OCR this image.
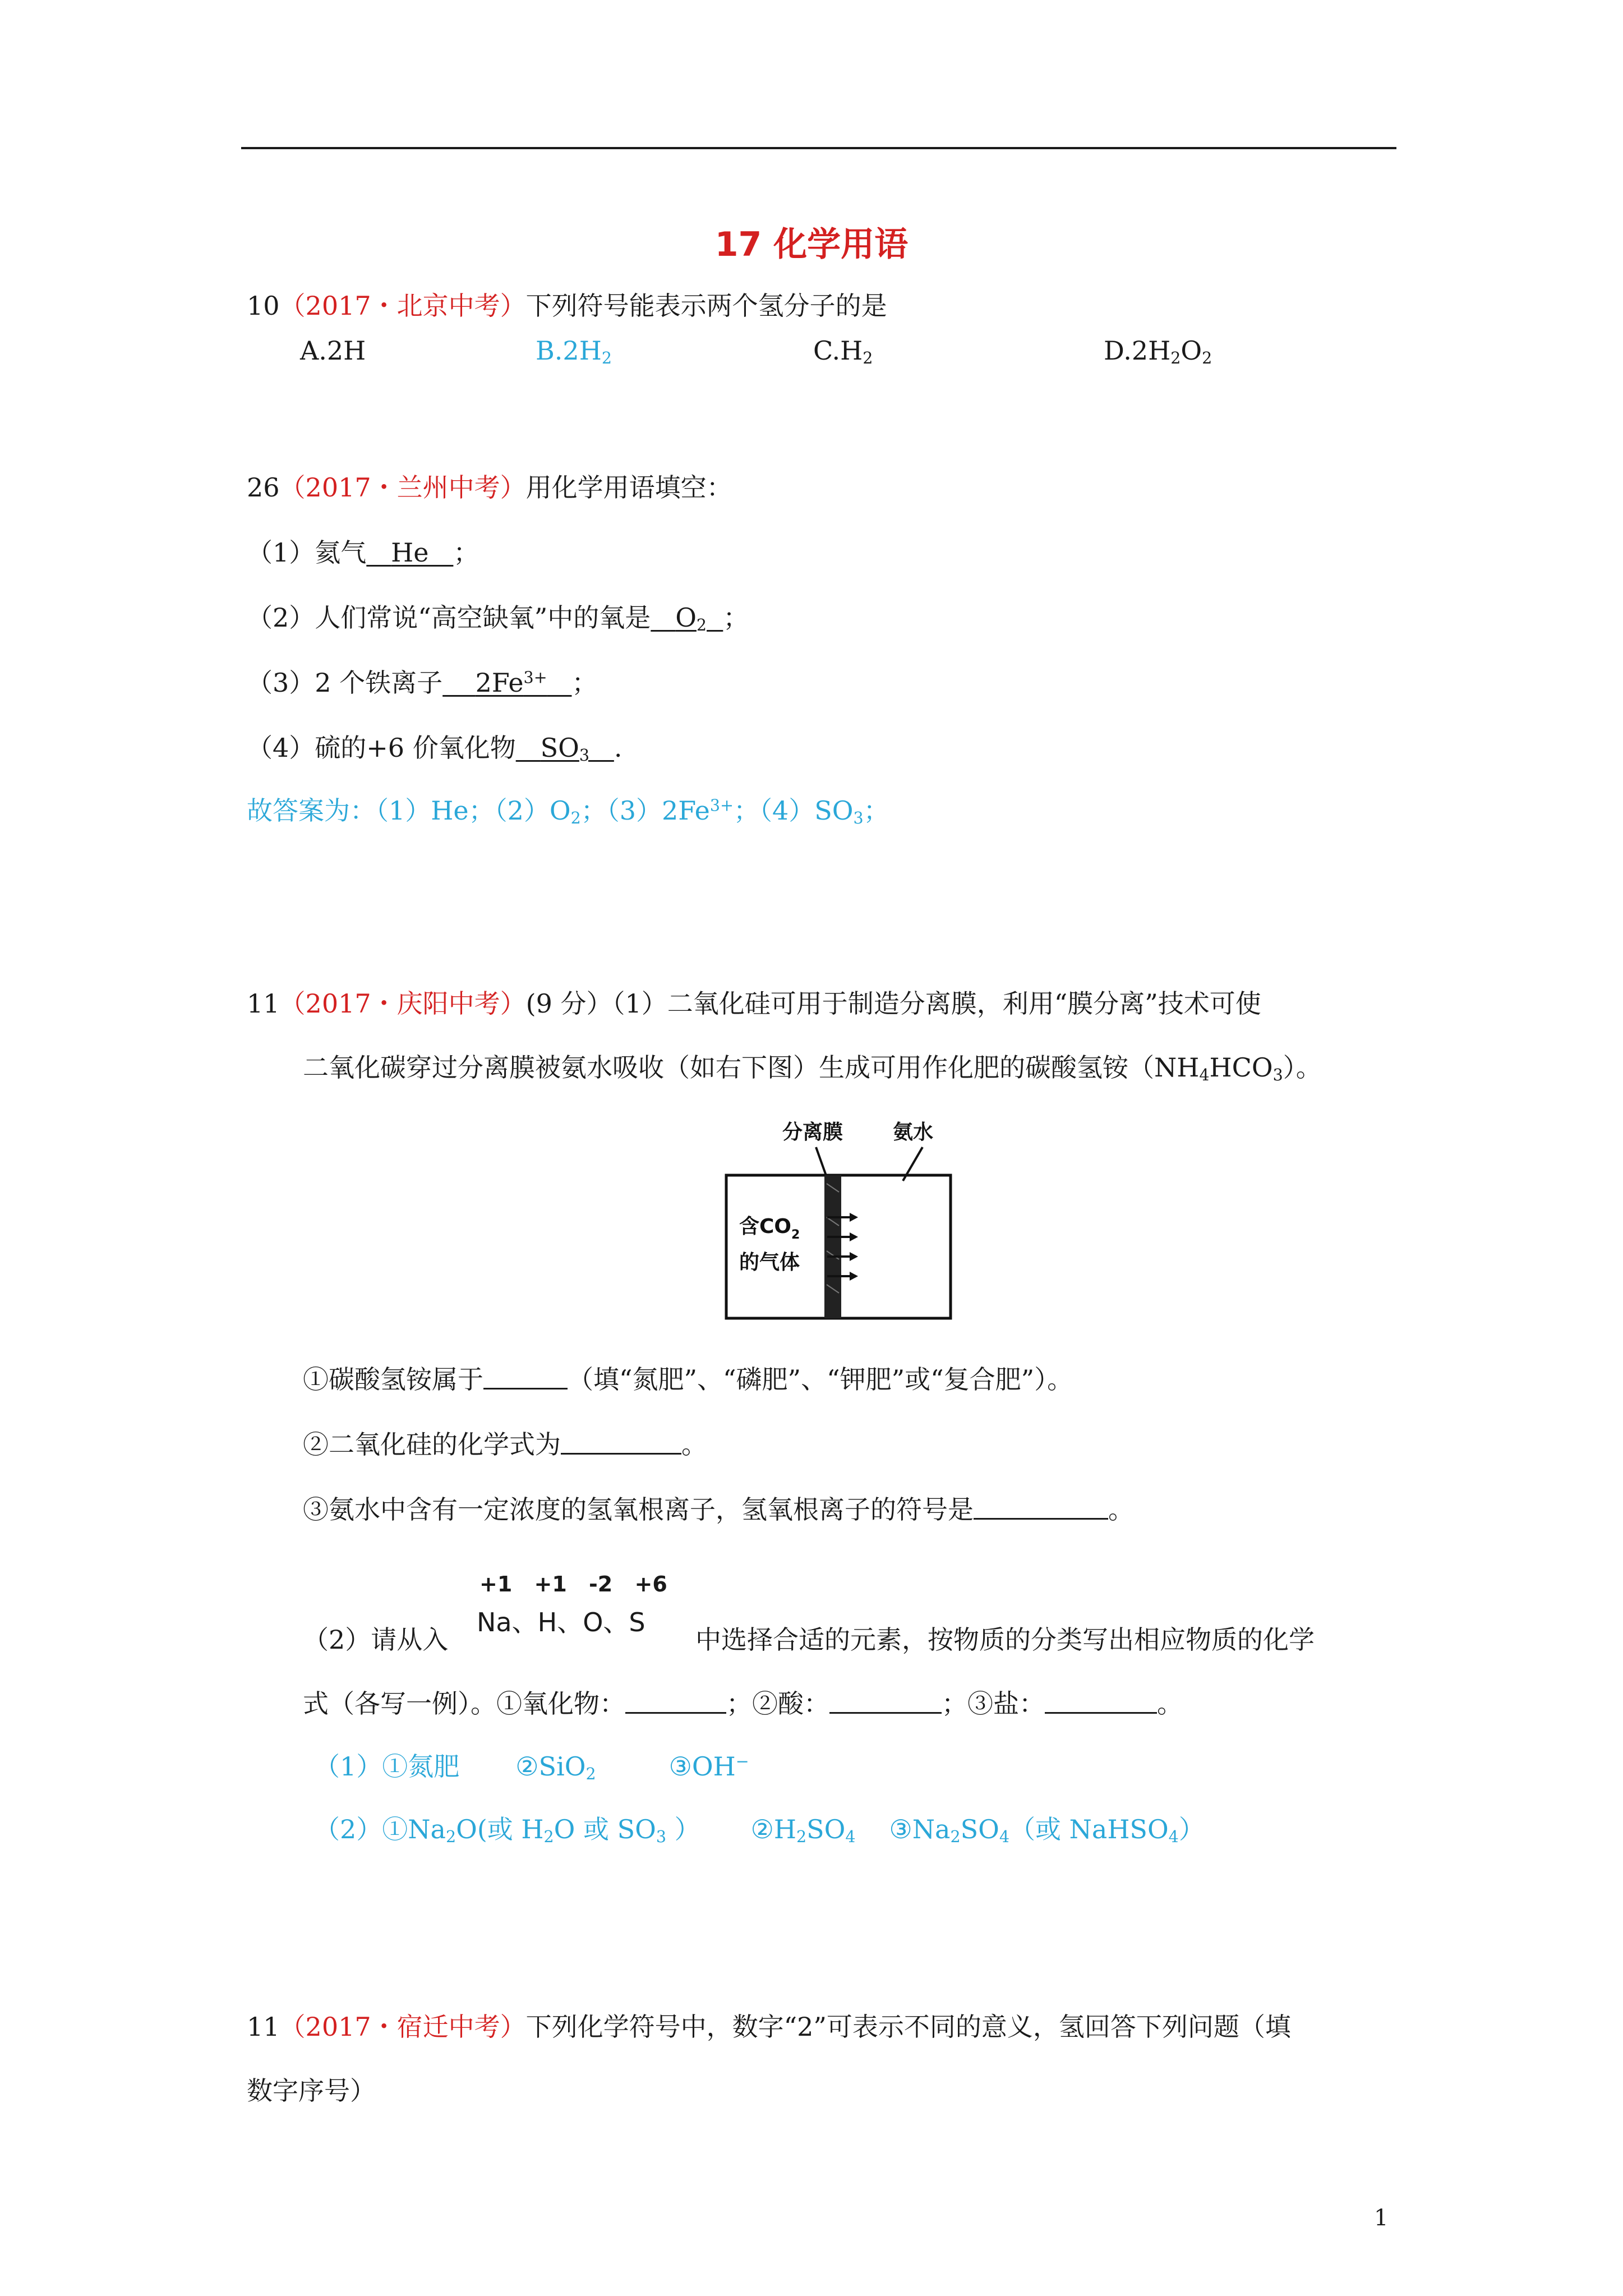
17 化学用语
10（2017・北京中考）下列符号能表示两个氢分子的是
A.2H	$B.2H_2$	$C.H_2$	$D.2H_2O_2$
26（2017・兰州中考）用化学用语填空：
（1）氦气 He ；
（2）人们常说“高空缺氧”中的氧是 $O_2$ ；
（3）2 个铁离子 $2Fe^{3+}$ ；
（4）硫的+6 价氧化物 $SO_3$ .
故答案为：（1）He；$(2)O_2$；$(3)2Fe^{3+}$；$(4)SO_3$；
11（2017・庆阳中考）(9 分）（1）二氧化硅可用于制造分离膜，利用“膜分离”技术可使
二氧化碳穿过分离膜被氨水吸收（如右下图）生成可用作化肥的碳酸氢铵$(NH_4HCO_3)$。
分离膜 氨水
含$CO_2$
的气体
①碳酸氢铵属于	（填“氮肥”、“磷肥”、“钾肥”或“复合肥”）。
②二氧化硅的化学式为	。
③氨水中含有一定浓度的氢氧根离子，氢氧根离子的符号是	。
+1 +1 -2 +6
Na、H、O、S
（2）请从入	中选择合适的元素，按物质的分类写出相应物质的化学
式（各写一例）。①氧化物：	；②酸：	；③盐：	。
（1）①氮肥 ②SiO$_2$	③OH−
$(2)①Na_2O$(或 $H_2O$ 或 $SO_3$ ） $②H_2SO_4$ $③Na_2SO_4$（或 NaHSO$_4$）
11（2017・宿迁中考）下列化学符号中，数字“2”可表示不同的意义，氢回答下列问题（填
数字序号）
1
